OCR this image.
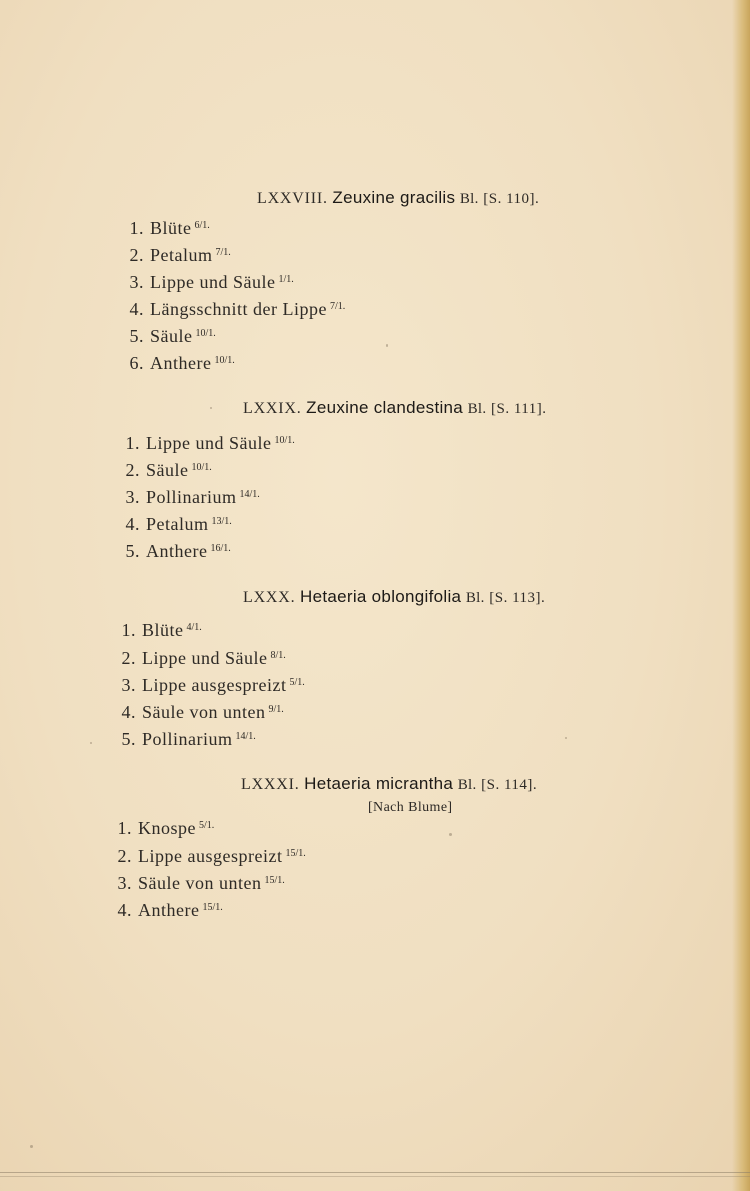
LXXVIII. Zeuxine gracilis Bl. [S. 110].
1. Blüte $^{6/1.}$
2. Petalum $^{7/1.}$
3. Lippe und Säule $^{1/1.}$
4. Längsschnitt der Lippe $^{7/1.}$
5. Säule $^{10/1.}$
6. Anthere $^{10/1.}$
LXXIX. Zeuxine clandestina Bl. [S. 111].
1. Lippe und Säule $^{10/1.}$
2. Säule $^{10/1.}$
3. Pollinarium $^{14/1.}$
4. Petalum $^{13/1.}$
5. Anthere $^{16/1.}$
LXXX. Hetaeria oblongifolia Bl. [S. 113].
1. Blüte $^{4/1.}$
2. Lippe und Säule $^{8/1.}$
3. Lippe ausgespreizt $^{5/1.}$
4. Säule von unten $^{9/1.}$
5. Pollinarium $^{14/1.}$
LXXXI. Hetaeria micrantha Bl. [S. 114].
[Nach Blume]
1. Knospe $^{5/1.}$
2. Lippe ausgespreizt $^{15/1.}$
3. Säule von unten $^{15/1.}$
4. Anthere $^{15/1.}$
